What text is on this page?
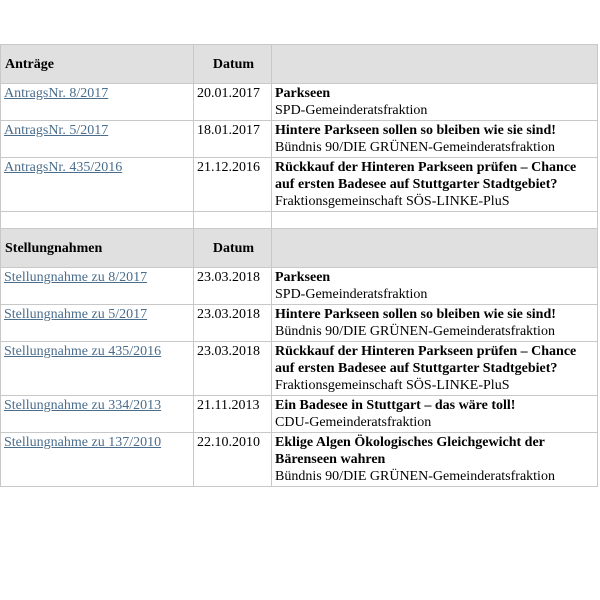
Anträge	Datum	
AntragsNr. 8/2017	20.01.2017	Parkseen
SPD-Gemeinderatsfraktion

AntragsNr. 5/2017	18.01.2017	Hintere Parkseen sollen so bleiben wie sie sind!
Bündnis 90/DIE GRÜNEN-Gemeinderatsfraktion

AntragsNr. 435/2016	21.12.2016	Rückkauf der Hinteren Parkseen prüfen – Chance auf ersten Badesee auf Stuttgarter Stadtgebiet?
Fraktionsgemeinschaft SÖS-LINKE-PluS

Stellungnahmen	Datum	
Stellungnahme zu 8/2017	23.03.2018	Parkseen
SPD-Gemeinderatsfraktion

Stellungnahme zu 5/2017	23.03.2018	Hintere Parkseen sollen so bleiben wie sie sind!
Bündnis 90/DIE GRÜNEN-Gemeinderatsfraktion

Stellungnahme zu 435/2016	23.03.2018	Rückkauf der Hinteren Parkseen prüfen – Chance auf ersten Badesee auf Stuttgarter Stadtgebiet?
Fraktionsgemeinschaft SÖS-LINKE-PluS

Stellungnahme zu 334/2013	21.11.2013	Ein Badesee in Stuttgart – das wäre toll!
CDU-Gemeinderatsfraktion

Stellungnahme zu 137/2010	22.10.2010	Eklige Algen Ökologisches Gleichgewicht der Bärenseen wahren
Bündnis 90/DIE GRÜNEN-Gemeinderatsfraktion
